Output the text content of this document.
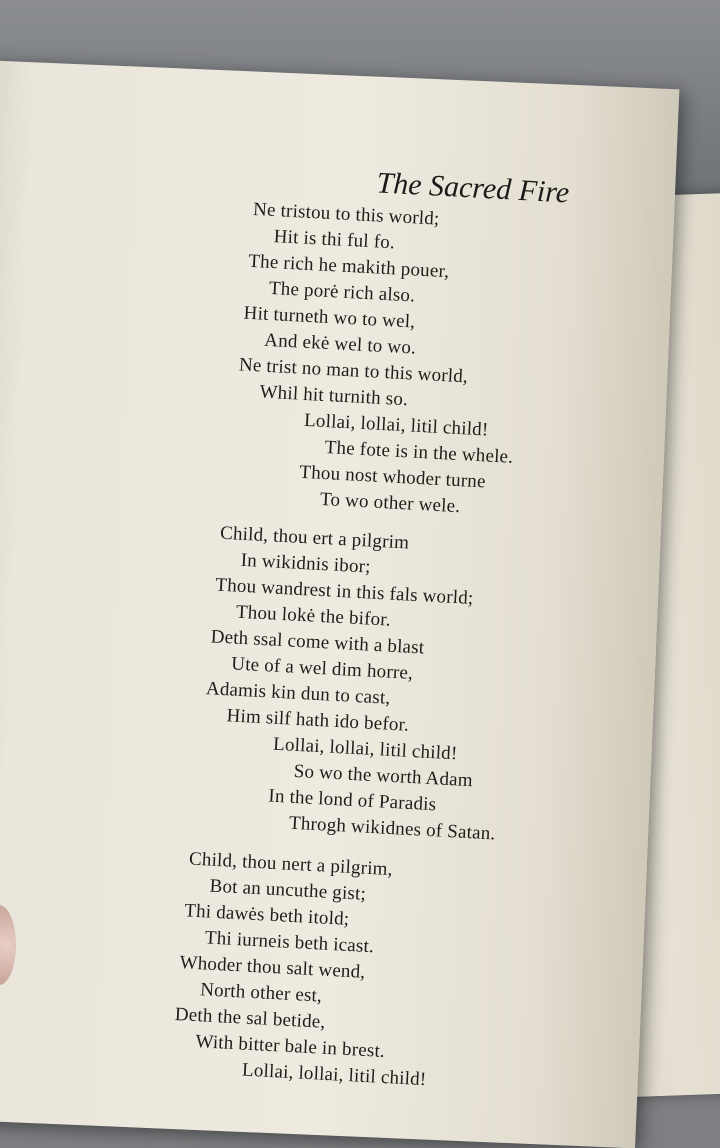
The Sacred Fire
Ne tristou to this world;
Hit is thi ful fo.
The rich he makith pouer,
The porė rich also.
Hit turneth wo to wel,
And ekė wel to wo.
Ne trist no man to this world,
Whil hit turnith so.
Lollai, lollai, litil child!
The fote is in the whele.
Thou nost whoder turne
To wo other wele.
Child, thou ert a pilgrim
In wikidnis ibor;
Thou wandrest in this fals world;
Thou lokė the bifor.
Deth ssal come with a blast
Ute of a wel dim horre,
Adamis kin dun to cast,
Him silf hath ido befor.
Lollai, lollai, litil child!
So wo the worth Adam
In the lond of Paradis
Throgh wikidnes of Satan.
Child, thou nert a pilgrim,
Bot an uncuthe gist;
Thi dawės beth itold;
Thi iurneis beth icast.
Whoder thou salt wend,
North other est,
Deth the sal betide,
With bitter bale in brest.
Lollai, lollai, litil child!
